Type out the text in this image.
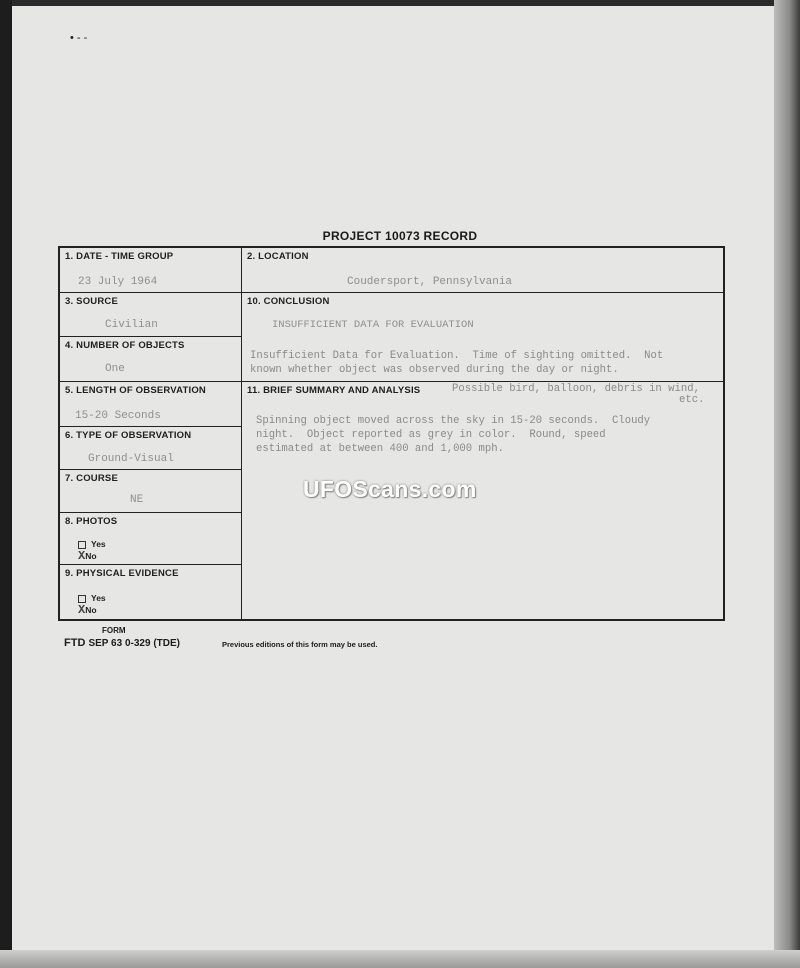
• ‐ ‐
PROJECT 10073 RECORD
1. DATE - TIME GROUP
23 July 1964
3. SOURCE
Civilian
4. NUMBER OF OBJECTS
One
5. LENGTH OF OBSERVATION
15-20 Seconds
6. TYPE OF OBSERVATION
Ground-Visual
7. COURSE
NE
8. PHOTOS
Yes
XNo
9. PHYSICAL EVIDENCE
Yes
XNo
2. LOCATION
Coudersport, Pennsylvania
10. CONCLUSION
INSUFFICIENT DATA FOR EVALUATION
Insufficient Data for Evaluation.  Time of sighting omitted.  Not
known whether object was observed during the day or night.
11. BRIEF SUMMARY AND ANALYSIS	Possible bird, balloon, debris in wind,
etc.
Spinning object moved across the sky in 15-20 seconds.  Cloudy
night.  Object reported as grey in color.  Round, speed
estimated at between 400 and 1,000 mph.
UFOScans.com
FORM
FTD SEP 63 0-329 (TDE)	Previous editions of this form may be used.
